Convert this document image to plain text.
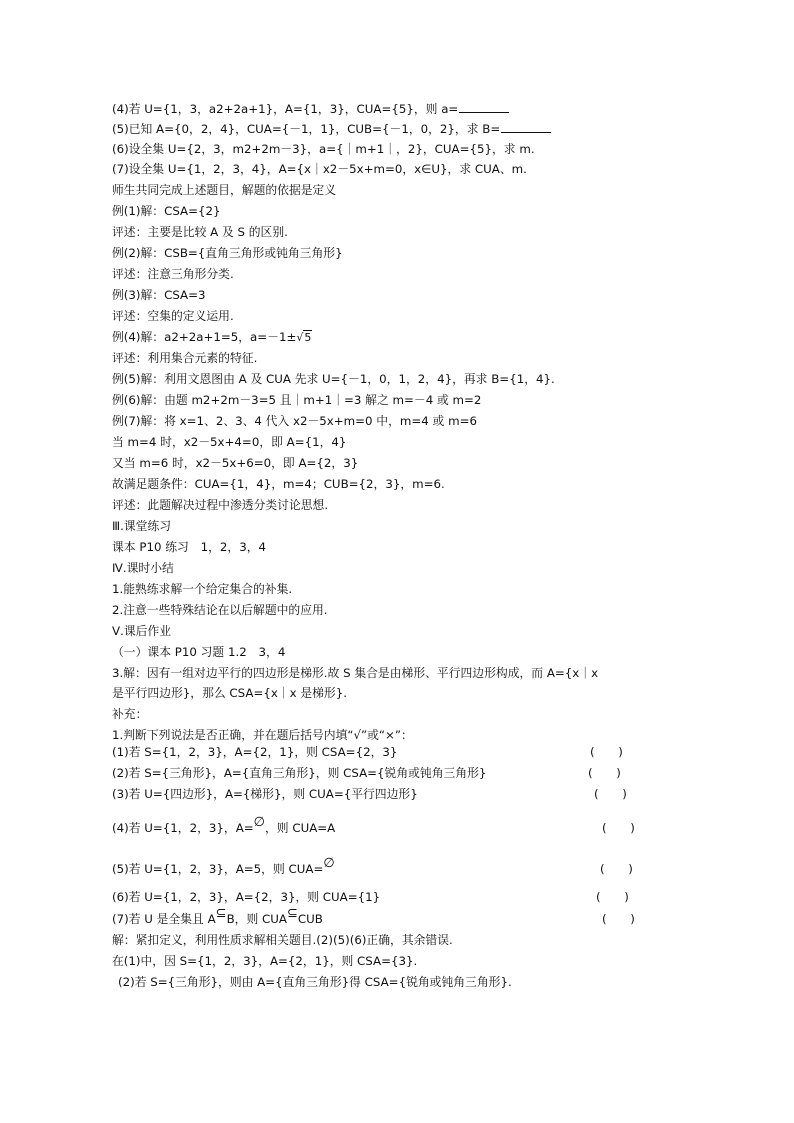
(4)若 U={1，3，a2+2a+1}，A={1，3}，CUA={5}，则 a=
(5)已知 A={0，2，4}，CUA={－1，1}，CUB={－1，0，2}，求 B=
(6)设全集 U={2，3，m2+2m－3}，a={｜m+1｜，2}，CUA={5}，求 m.
(7)设全集 U={1，2，3，4}，A={x｜x2－5x+m=0，x∈U}，求 CUA、m.
师生共同完成上述题目，解题的依据是定义
例(1)解：CSA={2}
评述：主要是比较 A 及 S 的区别.
例(2)解：CSB={直角三角形或钝角三角形}
评述：注意三角形分类.
例(3)解：CSA=3
评述：空集的定义运用.
例(4)解：a2+2a+1=5，a=－1±√5
评述：利用集合元素的特征.
例(5)解：利用文恩图由 A 及 CUA 先求 U={－1，0，1，2，4}，再求 B={1，4}.
例(6)解：由题 m2+2m－3=5 且｜m+1｜=3 解之 m=－4 或 m=2
例(7)解：将 x=1、2、3、4 代入 x2－5x+m=0 中，m=4 或 m=6
当 m=4 时，x2－5x+4=0，即 A={1，4}
又当 m=6 时，x2－5x+6=0，即 A={2，3}
故满足题条件：CUA={1，4}，m=4；CUB={2，3}，m=6.
评述：此题解决过程中渗透分类讨论思想.
Ⅲ.课堂练习
课本 P10 练习　1，2，3，4
Ⅳ.课时小结
1.能熟练求解一个给定集合的补集.
2.注意一些特殊结论在以后解题中的应用.
Ⅴ.课后作业
（一）课本 P10 习题 1.2　3，4
3.解：因有一组对边平行的四边形是梯形.故 S 集合是由梯形、平行四边形构成，而 A={x｜x
是平行四边形}，那么 CSA={x｜x 是梯形}.
补充：
1.判断下列说法是否正确，并在题后括号内填“√”或“×”：
(1)若 S={1，2，3}，A={2，1}，则 CSA={2，3}	(　　)
(2)若 S={三角形}，A={直角三角形}，则 CSA={锐角或钝角三角形}	(　　)
(3)若 U={四边形}，A={梯形}，则 CUA={平行四边形}	(　　)
(4)若 U={1，2，3}，A=∅，则 CUA=A	(　　)
(5)若 U={1，2，3}，A=5，则 CUA=∅	(　　)
(6)若 U={1，2，3}，A={2，3}，则 CUA={1}	(　　)
(7)若 U 是全集且 A⊆B，则 CUA⊆CUB	(　　)
解：紧扣定义，利用性质求解相关题目.(2)(5)(6)正确，其余错误.
在(1)中，因 S={1，2，3}，A={2，1}，则 CSA={3}.
(2)若 S={三角形}，则由 A={直角三角形}得 CSA={锐角或钝角三角形}.
